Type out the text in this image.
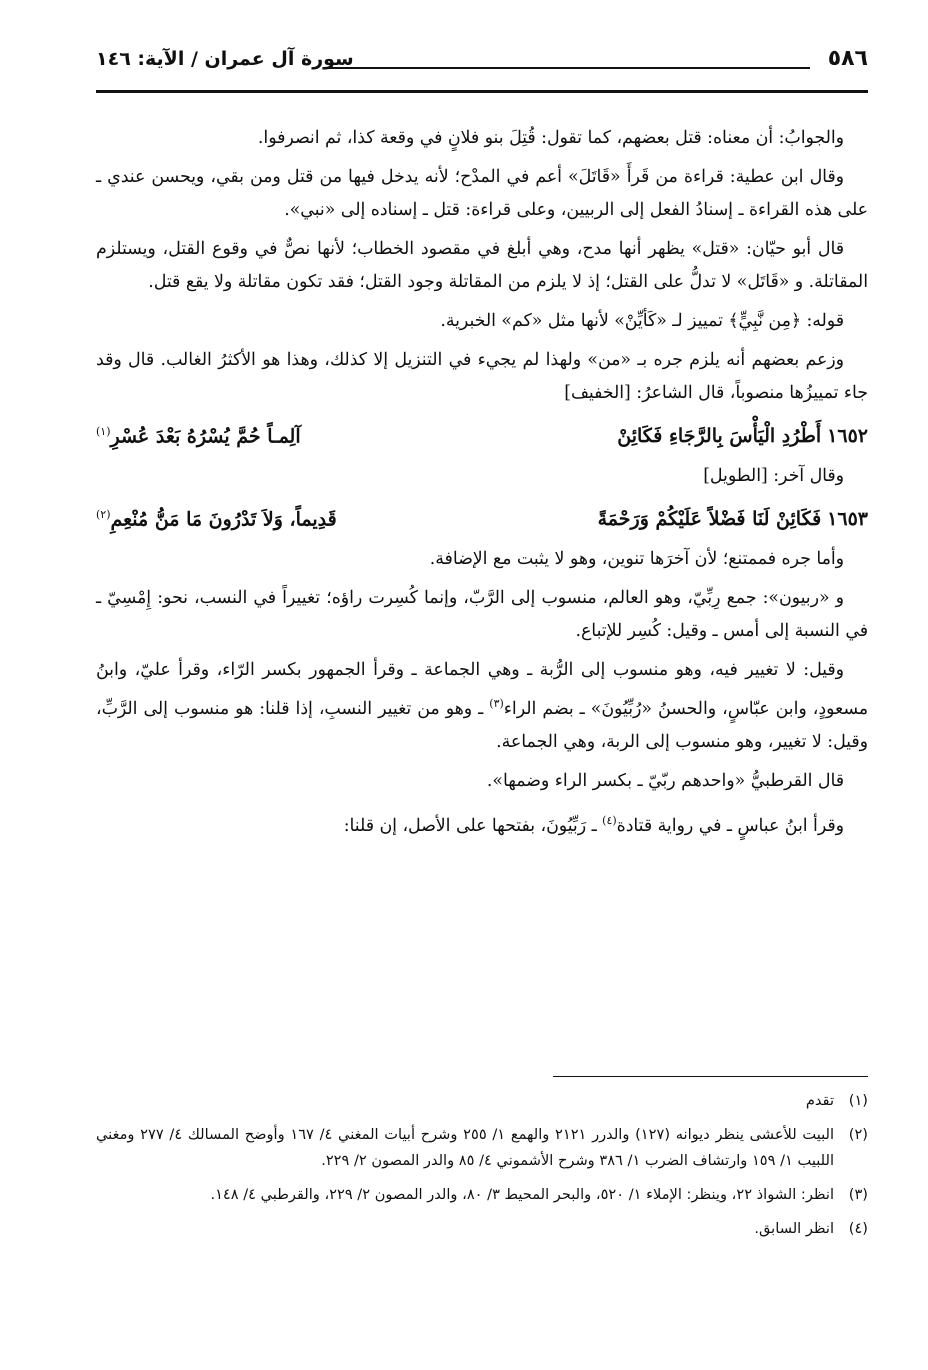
٥٨٦
سورة آل عمران / الآية: ١٤٦

والجوابُ: أن معناه: قتل بعضهم، كما تقول: قُتِلَ بنو فلانٍ في وقعة كذا، ثم انصرفوا.

وقال ابن عطية: قراءة من قَرأَ «قَاتَلَ» أعم في المدْح؛ لأنه يدخل فيها من قتل ومن بقي، ويحسن عندي ـ على هذه القراءة ـ إسنادُ الفعل إلى الربيين، وعلى قراءة: قتل ـ إسناده إلى «نبي».

قال أبو حيّان: «قتل» يظهر أنها مدح، وهي أبلغ في مقصود الخطاب؛ لأنها نصٌّ في وقوع القتل، ويستلزم المقاتلة. و «قَاتَل» لا تدلُّ على القتل؛ إذ لا يلزم من المقاتلة وجود القتل؛ فقد تكون مقاتلة ولا يقع قتل.

قوله: ﴿مِن نَّبِيٍّ﴾ تمييز لـ «كَأيِّنْ» لأنها مثل «كم» الخبرية.

وزعم بعضهم أنه يلزم جره بـ «من» ولهذا لم يجيء في التنزيل إلا كذلك، وهذا هو الأكثرُ الغالب. قال وقد جاء تمييزُها منصوباً، قال الشاعرُ: [الخفيف]

١٦٥٢
أَطْرُدِ الْيَأْسَ بِالرَّجَاءِ فَكَائِنْ
آلِمـاً حُمَّ يُسْرُهُ بَعْدَ عُسْرِ$^{(١)}$

وقال آخر: [الطويل]

١٦٥٣
فَكَائِنْ لَنَا فَضْلاً عَلَيْكُمْ وَرَحْمَةً
قَدِيماً، وَلاَ تَدْرُونَ مَا مَنُّ مُنْعِمِ$^{(٢)}$

وأما جره فممتنع؛ لأن آخرَها تنوين، وهو لا يثبت مع الإضافة.

و «ربيون»: جمع رِبِّيّ، وهو العالم، منسوب إلى الرَّبّ، وإنما كُسِرت راؤه؛ تغييراً في النسب، نحو: إِمْسِيّ ـ في النسبة إلى أمس ـ وقيل: كُسِر للإتباع.

وقيل: لا تغيير فيه، وهو منسوب إلى الرُّبة ـ وهي الجماعة ـ وقرأ الجمهور بكسر الرّاء، وقرأ عليّ، وابنُ مسعودٍ، وابن عبّاسٍ، والحسنُ «رُبِّيُونَ» ـ بضم الراء$^{(٣)}$ ـ وهو من تغيير النسبِ، إذا قلنا: هو منسوب إلى الرَّبِّ، وقيل: لا تغيير، وهو منسوب إلى الربة، وهي الجماعة.

قال القرطبيُّ «واحدهم ربّيّ ـ بكسر الراء وضمها».

وقرأ ابنُ عباسٍ ـ في رواية قتادة$^{(٤)}$ ـ رَبِّيُونَ، بفتحها على الأصل، إن قلنا:

(١)
تقدم
(٢)
البيت للأعشى ينظر ديوانه (١٢٧) والدرر ٢١٢١ والهمع ١/ ٢٥٥ وشرح أبيات المغني ٤/ ١٦٧ وأوضح المسالك ٤/ ٢٧٧ ومغني اللبيب ١/ ١٥٩ وارتشاف الضرب ١/ ٣٨٦ وشرح الأشموني ٤/ ٨٥ والدر المصون ٢/ ٢٢٩.
(٣)
انظر: الشواذ ٢٢، وينظر: الإملاء ١/ ٥٢٠، والبحر المحيط ٣/ ٨٠، والدر المصون ٢/ ٢٢٩، والقرطبي ٤/ ١٤٨.
(٤)
انظر السابق.
